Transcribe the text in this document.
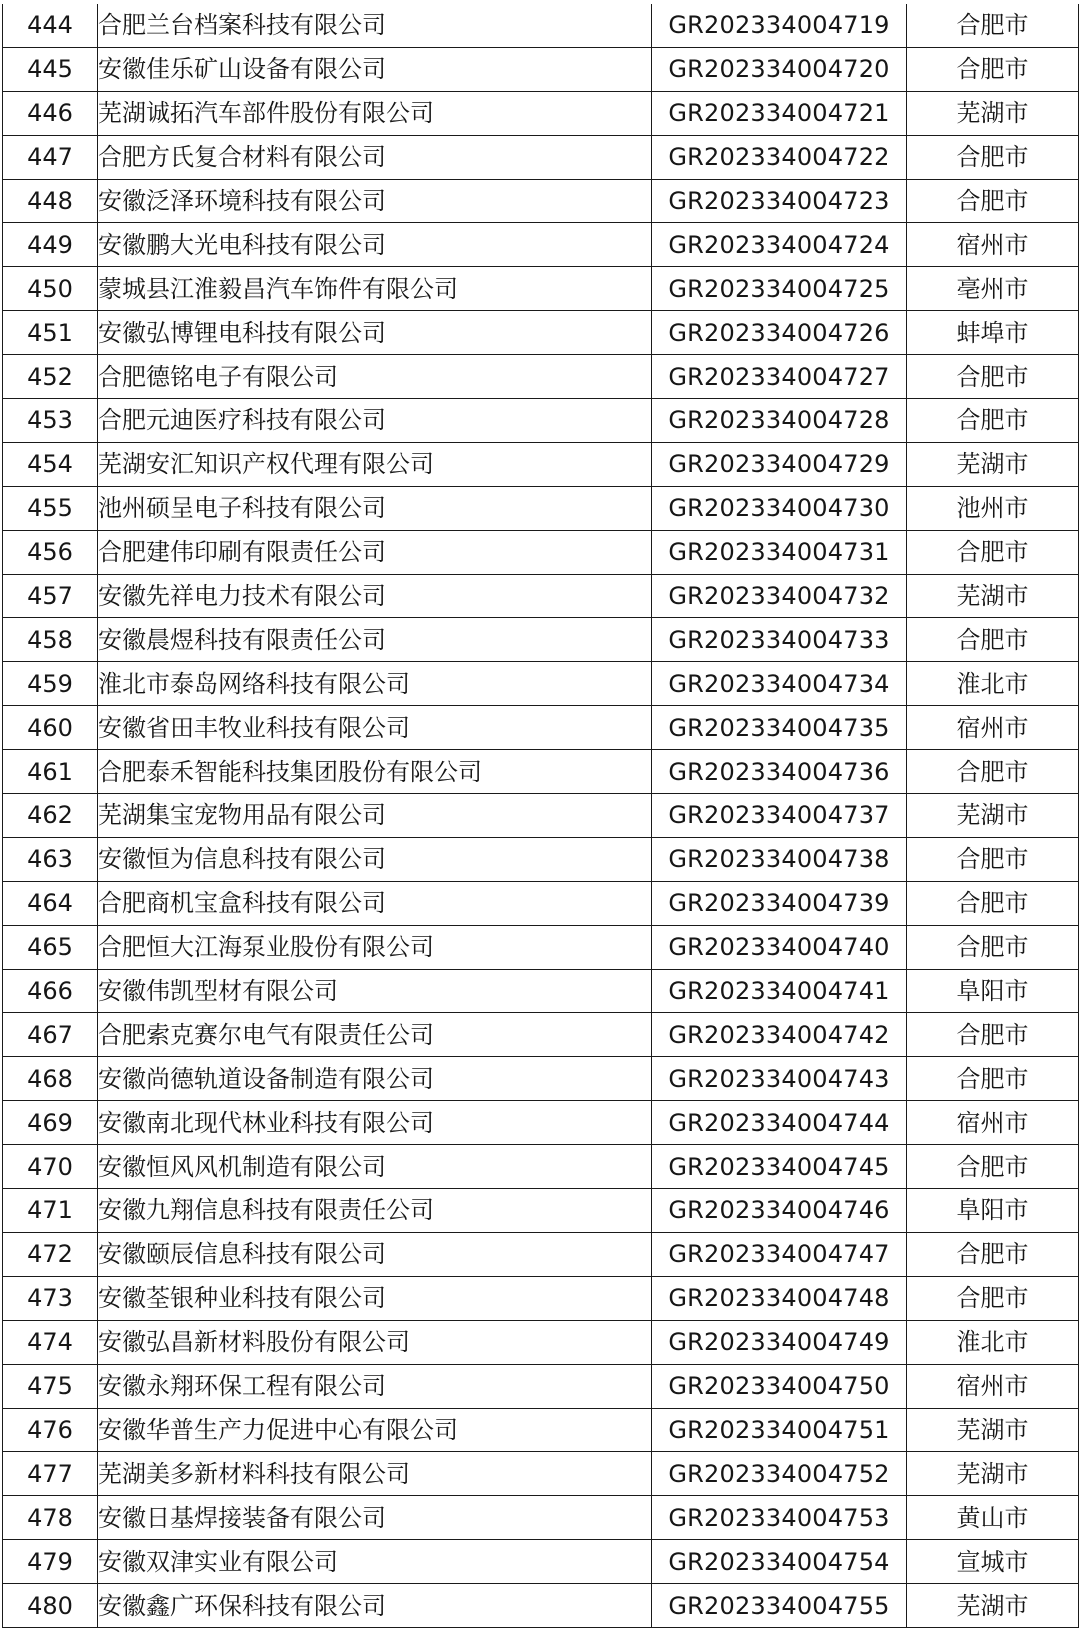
444	合肥兰台档案科技有限公司	GR202334004719	合肥市
445	安徽佳乐矿山设备有限公司	GR202334004720	合肥市
446	芜湖诚拓汽车部件股份有限公司	GR202334004721	芜湖市
447	合肥方氏复合材料有限公司	GR202334004722	合肥市
448	安徽泛泽环境科技有限公司	GR202334004723	合肥市
449	安徽鹏大光电科技有限公司	GR202334004724	宿州市
450	蒙城县江淮毅昌汽车饰件有限公司	GR202334004725	亳州市
451	安徽弘博锂电科技有限公司	GR202334004726	蚌埠市
452	合肥德铭电子有限公司	GR202334004727	合肥市
453	合肥元迪医疗科技有限公司	GR202334004728	合肥市
454	芜湖安汇知识产权代理有限公司	GR202334004729	芜湖市
455	池州硕呈电子科技有限公司	GR202334004730	池州市
456	合肥建伟印刷有限责任公司	GR202334004731	合肥市
457	安徽先祥电力技术有限公司	GR202334004732	芜湖市
458	安徽晨煜科技有限责任公司	GR202334004733	合肥市
459	淮北市泰岛网络科技有限公司	GR202334004734	淮北市
460	安徽省田丰牧业科技有限公司	GR202334004735	宿州市
461	合肥泰禾智能科技集团股份有限公司	GR202334004736	合肥市
462	芜湖集宝宠物用品有限公司	GR202334004737	芜湖市
463	安徽恒为信息科技有限公司	GR202334004738	合肥市
464	合肥商机宝盒科技有限公司	GR202334004739	合肥市
465	合肥恒大江海泵业股份有限公司	GR202334004740	合肥市
466	安徽伟凯型材有限公司	GR202334004741	阜阳市
467	合肥索克赛尔电气有限责任公司	GR202334004742	合肥市
468	安徽尚德轨道设备制造有限公司	GR202334004743	合肥市
469	安徽南北现代林业科技有限公司	GR202334004744	宿州市
470	安徽恒风风机制造有限公司	GR202334004745	合肥市
471	安徽九翔信息科技有限责任公司	GR202334004746	阜阳市
472	安徽颐辰信息科技有限公司	GR202334004747	合肥市
473	安徽荃银种业科技有限公司	GR202334004748	合肥市
474	安徽弘昌新材料股份有限公司	GR202334004749	淮北市
475	安徽永翔环保工程有限公司	GR202334004750	宿州市
476	安徽华普生产力促进中心有限公司	GR202334004751	芜湖市
477	芜湖美多新材料科技有限公司	GR202334004752	芜湖市
478	安徽日基焊接装备有限公司	GR202334004753	黄山市
479	安徽双津实业有限公司	GR202334004754	宣城市
480	安徽鑫广环保科技有限公司	GR202334004755	芜湖市
